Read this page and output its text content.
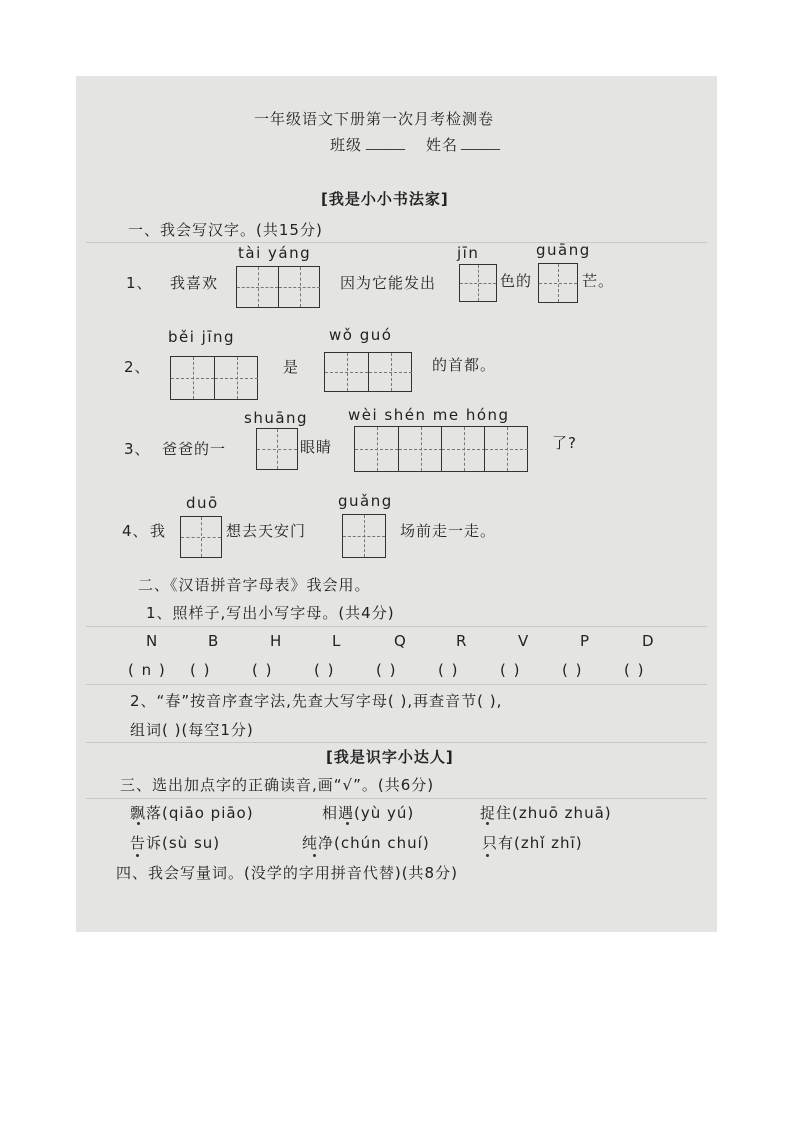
一年级语文下册第一次月考检测卷
班级 ______ 姓名 ______
[我是小小书法家]
一、我会写汉字。(共15分)
tài yáng	jīn	guāng
1、 我喜欢	因为它能发出	色的	芒。
běi jīng	wǒ guó
2、	是	的首都。
shuāng	wèi shén me hóng
3、 爸爸的一	眼睛	了?
duō	guǎng
4、 我	想去天安门	场前走一走。
二、《汉语拼音字母表》我会用。
1、照样子,写出小写字母。(共4分)
N	B	H	L	Q	R	V	P	D
( n ) ( )	( )	( )	( )	( )	( )	( )	( )
2、“春”按音序查字法,先查大写字母( ),再查音节( ),
组词( )(每空1分)
[我是识字小达人]
三、选出加点字的正确读音,画“√”。(共6分)
飘落(qiāo piāo)	相遇(yù yú)	捉住(zhuō zhuā)
告诉(sù su)	纯净(chún chuí)	只有(zhǐ zhī)
四、我会写量词。(没学的字用拼音代替)(共8分)
